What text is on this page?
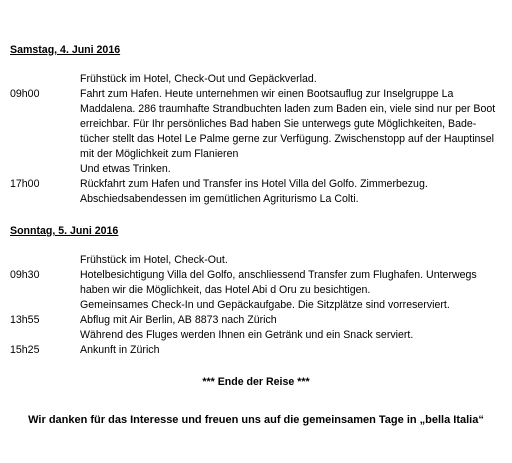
Samstag, 4. Juni 2016
Frühstück im Hotel, Check-Out und Gepäckverlad.
09h00	Fahrt zum Hafen. Heute unternehmen wir einen Bootsauflug zur Inselgruppe La
Maddalena. 286 traumhafte Strandbuchten laden zum Baden ein, viele sind nur per Boot
erreichbar. Für Ihr persönliches Bad haben Sie unterwegs gute Möglichkeiten, Bade-
tücher stellt das Hotel Le Palme gerne zur Verfügung. Zwischenstopp auf der Hauptinsel
mit der Möglichkeit zum Flanieren
Und etwas Trinken.
17h00	Rückfahrt zum Hafen und Transfer ins Hotel Villa del Golfo. Zimmerbezug.
Abschiedsabendessen im gemütlichen Agriturismo La Colti.
Sonntag, 5. Juni 2016
Frühstück im Hotel, Check-Out.
09h30	Hotelbesichtigung Villa del Golfo, anschliessend Transfer zum Flughafen. Unterwegs
haben wir die Möglichkeit, das Hotel Abi d Oru zu besichtigen.
Gemeinsames Check-In und Gepäckaufgabe. Die Sitzplätze sind vorreserviert.
13h55	Abflug mit Air Berlin, AB 8873 nach Zürich
Während des Fluges werden Ihnen ein Getränk und ein Snack serviert.
15h25	Ankunft in Zürich
*** Ende der Reise ***
Wir danken für das Interesse und freuen uns auf die gemeinsamen Tage in „bella Italia“
